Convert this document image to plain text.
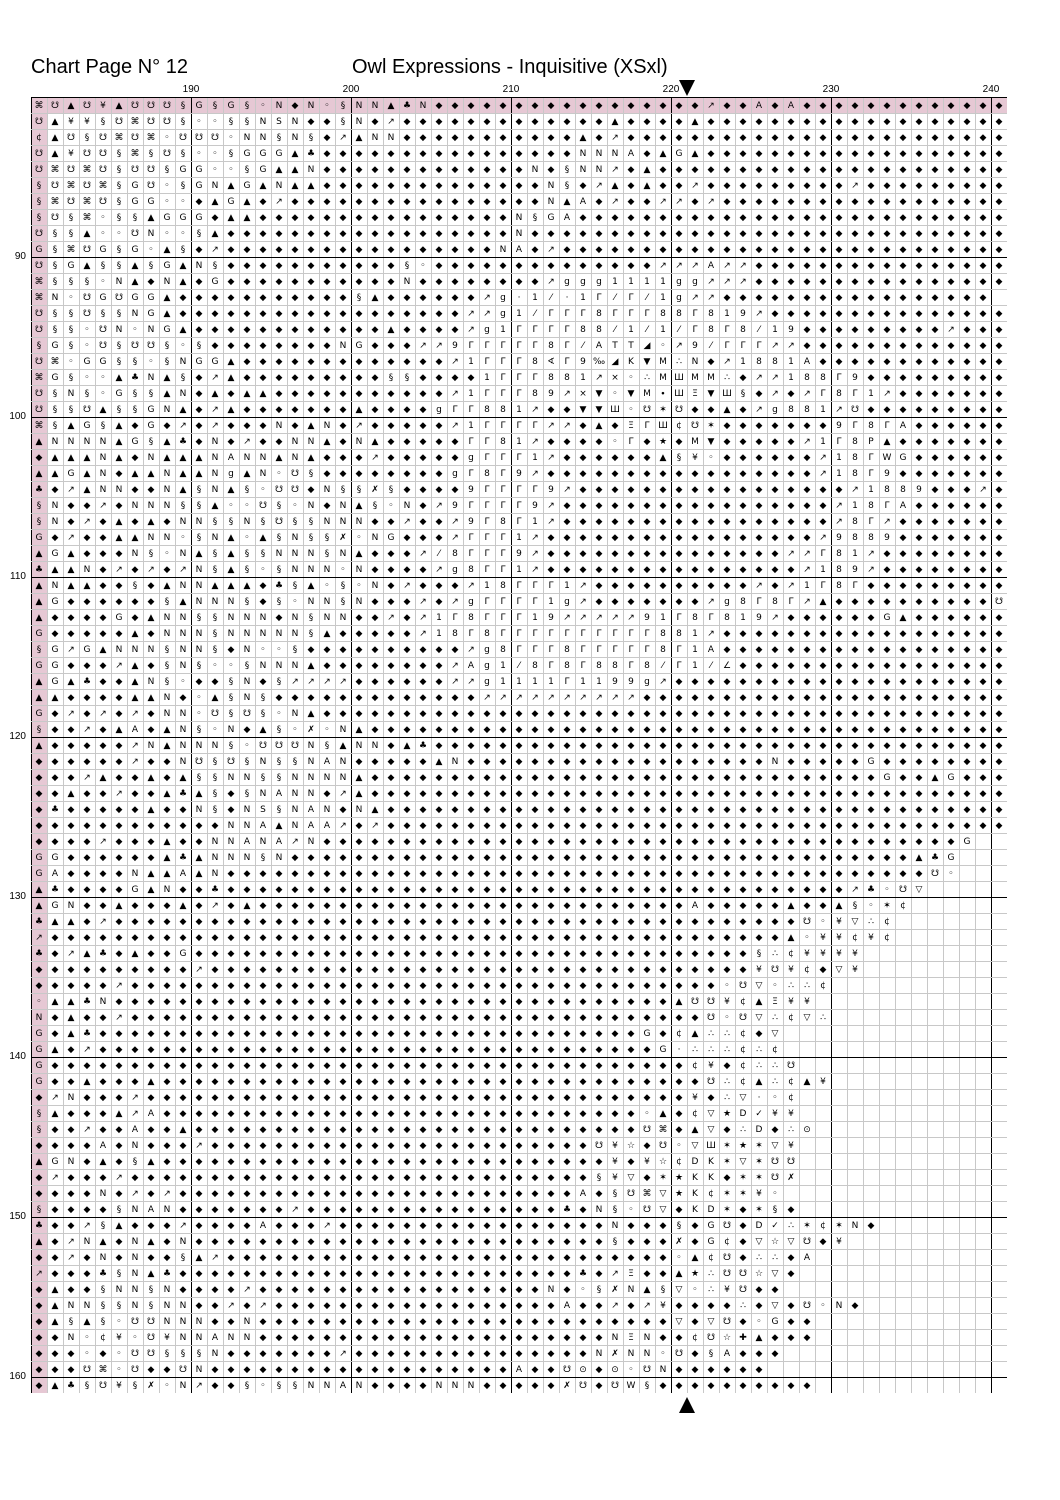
Chart Page N° 12	Owl Expressions - Inquisitive (XSxl)
190	200	210	220	230	240
90
100
110
120
130
140
150
160
⌘ ☋ ▲ ☋ ¥ ▲ ☋ ☋ ☋ § G § G § ◦ N ◆ N ◦ § N N ▲ ♣ N ◆ ◆ ◆ ◆ ◆ ◆ ◆ ◆ ◆ ◆ ◆ ◆ ◆ ◆ ◆ ◆ ◆ ↗ ◆ ◆ A ◆ A ◆ ◆ ◆ ◆ ◆ ◆ ◆ ◆ ◆ ◆ ◆ ◆ ◆
☋ ▲ ¥ ¥ § ☋ ⌘ ☋ ☋ § ◦ ◦ § § N S N ◆ ◆ § N ◆ ↗ ◆ ◆ ◆ ◆ ◆ ◆ ◆ ◆ ◆ ◆ ◆ ◆ ◆ ▲ ◆ ◆ ◆ ◆ ▲ ◆ ◆ ◆ ◆ ◆ ◆ ◆ ◆ ◆ ◆ ◆ ◆ ◆ ◆ ◆ ◆ ◆ ◆ ◆
¢ ▲ ☋ § ☋ ⌘ ☋ ⌘ ◦ ☋ ☋ ☋ ◦ N N § N § ◆ ↗ ▲ N N ◆ ◆ ◆ ◆ ◆ ◆ ◆ ◆ ◆ ◆ ◆ ▲ ◆ ↗ ◆ ◆ ◆ ◆ ◆ ◆ ◆ ◆ ◆ ◆ ◆ ◆ ◆ ◆ ◆ ◆ ◆ ◆ ◆ ◆ ◆ ◆ ◆ ◆
☋ ▲ ¥ ☋ ☋ § ⌘ § ☋ § ◦ ◦ § G G G ▲ ♣ ◆ ◆ ◆ ◆ ◆ ◆ ◆ ◆ ◆ ◆ ◆ ◆ ◆ ◆ ◆ ◆ N N N A ◆ ▲ G ▲ ◆ ◆ ◆ ◆ ◆ ◆ ◆ ◆ ◆ ◆ ◆ ◆ ◆ ◆ ◆ ◆ ◆ ◆ ◆
☋ ⌘ ☋ ⌘ ☋ § ☋ ☋ § G G ◦ ◦ § G ▲ ▲ N ◆ ◆ ◆ ◆ ◆ ◆ ◆ ◆ ◆ ◆ ◆ ◆ ◆ N ◆ § N N ↗ ◆ ▲ ◆ ◆ ◆ ◆ ◆ ◆ ◆ ◆ ◆ ◆ ◆ ◆ ◆ ◆ ◆ ◆ ◆ ◆ ◆ ◆ ◆ ◆
§ ☋ ⌘ ☋ ⌘ § G ☋ ◦ § G N ▲ G ▲ N ▲ ▲ ◆ ◆ ◆ ◆ ◆ ◆ ◆ ◆ ◆ ◆ ◆ ◆ ◆ ◆ N § ◆ ↗ ▲ ◆ ▲ ◆ ◆ ↗ ◆ ◆ ◆ ◆ ◆ ◆ ◆ ◆ ◆ ↗ ◆ ◆ ◆ ◆ ◆ ◆ ◆ ◆ ◆
§ ⌘ ☋ ⌘ ☋ § G G ◦ ◦ ◆ ▲ G ▲ ◆ ↗ ◆ ◆ ◆ ◆ ◆ ◆ ◆ ◆ ◆ ◆ ◆ ◆ ◆ ◆ ◆ ◆ N ▲ A ◆ ↗ ◆ ◆ ↗ ↗ ◆ ↗ ◆ ◆ ◆ ◆ ◆ ◆ ◆ ◆ ◆ ◆ ◆ ◆ ◆ ◆ ◆ ◆ ◆ ◆
§ ☋ § ⌘ ◦ § § ▲ G G G ◆ ▲ ▲ ◆ ◆ ◆ ◆ ◆ ◆ ◆ ◆ ◆ ◆ ◆ ◆ ◆ ◆ ◆ ◆ N § G A ◆ ◆ ◆ ◆ ◆ ◆ ◆ ◆ ◆ ◆ ◆ ◆ ◆ ◆ ◆ ◆ ◆ ◆ ◆ ◆ ◆ ◆ ◆ ◆ ◆ ◆ ◆
☋ § § ▲ ◦ ◦ ☋ N ◦ ◦ § ▲ ◆ ◆ ◆ ◆ ◆ ◆ ◆ ◆ ◆ ◆ ◆ ◆ ◆ ◆ ◆ ◆ ◆ ◆ N ◆ ◆ ◆ ◆ ◆ ◆ ◆ ◆ ◆ ◆ ◆ ◆ ◆ ◆ ◆ ◆ ◆ ◆ ◆ ◆ ◆ ◆ ◆ ◆ ◆ ◆ ◆ ◆ ◆ ◆
G § ⌘ ☋ G § G ◦ ▲ § ◆ ↗ ◆ ◆ ◆ ◆ ◆ ◆ ◆ ◆ ◆ ◆ ◆ ◆ ◆ ◆ ◆ ◆ ◆ N A ◆ ↗ ◆ ◆ ◆ ◆ ◆ ◆ ◆ ◆ ◆ ◆ ◆ ◆ ◆ ◆ ◆ ◆ ◆ ◆ ◆ ◆ ◆ ◆ ◆ ◆ ◆ ◆ ◆ ◆
☋ § G ▲ § § ▲ § G ▲ N § ◆ ◆ ◆ ◆ ◆ ◆ ◆ ◆ ◆ ◆ ◆ § ◦ ◆ ◆ ◆ ◆ ◆ ◆ ◆ ◆ ◆ ◆ ◆ ◆ ◆ ◆ ↗ ↗ ↗ A ↗ ↗ ◆ ◆ ◆ ◆ ◆ ◆ ◆ ◆ ◆ ◆ ◆ ◆ ◆ ◆ ◆ ◆
⌘ § § § ◦ N ▲ ◆ N ▲ ◆ G ◆ ◆ ◆ ◆ ◆ ◆ ◆ ◆ ◆ ◆ ◆ N ◆ ◆ ◆ ◆ ◆ ◆ ◆ ◆ ↗ g g g 1 1 1 1 g g ↗ ↗ ↗ ◆ ◆ ◆ ◆ ◆ ◆ ◆ ◆ ◆ ◆ ◆ ◆ ◆ ◆ ◆ ◆
⌘ N ◦ ☋ G ☋ G G ▲ ◆ ◆ ◆ ◆ ◆ ◆ ◆ ◆ ◆ ◆ ◆ § ▲ ◆ ◆ ◆ ◆ ◆ ◆ ↗ g · 1 ⁄ · 1 Γ ⁄ Γ ⁄ 1 g ↗ ↗ ◆ ◆ ◆ ◆ ◆ ◆ ◆ ◆ ◆ ◆ ◆ ◆ ◆ ◆ ◆ ◆ ◆
☋ § § ☋ § § N G ▲ ◆ ◆ ◆ ◆ ◆ ◆ ◆ ◆ ◆ ◆ ◆ ◆ ◆ ◆ ◆ ◆ ◆ ◆ ↗ ↗ g 1 ⁄ Γ Γ Γ 8 Γ Γ Γ 8 8 Γ 8 1 9 ↗ ◆ ◆ ◆ ◆ ◆ ◆ ◆ ◆ ◆ ◆ ◆ ◆ ◆ ◆ ◆
☋ § § ◦ ☋ N ◦ N G ▲ ◆ ◆ ◆ ◆ ◆ ◆ ◆ ◆ ◆ ◆ ◆ ◆ ▲ ◆ ◆ ◆ ◆ ↗ g 1 Γ Γ Γ Γ 8 8 ⁄ 1 ⁄ 1 ⁄ Γ 8 Γ 8 ⁄ 1 9 ◆ ◆ ◆ ◆ ◆ ◆ ◆ ◆ ◆ ↗ ◆ ◆ ◆
§ G § ◦ ☋ § ☋ ☋ § ◦ § ◆ ◆ ◆ ◆ ◆ ◆ ◆ ◆ N G ◆ ◆ ◆ ↗ ↗ 9 Γ Γ Γ Γ Γ 8 Γ ⁄ A T T ◢ ◦ ↗ 9 ⁄ Γ Γ Γ ↗ ↗ ◆ ◆ ◆ ◆ ◆ ◆ ◆ ◆ ◆ ◆ ◆ ◆ ◆
☋ ⌘ ◦ G G § § ◦ § N G G ▲ ◆ ◆ ◆ ◆ ◆ ◆ ◆ ◆ ◆ ◆ ◆ ◆ ◆ ↗ 1 Γ Γ Γ 8 ∢ Γ 9 ‰ ◢ K ▼ M ∴ N ◆ ↗ 1 8 8 1 A ◆ ◆ ◆ ◆ ◆ ◆ ◆ ◆ ◆ ◆ ◆ ◆
⌘ G § ◦ ◦ ▲ ♣ N ▲ § ◆ ↗ ▲ ◆ ◆ ◆ ◆ ◆ ◆ ◆ ◆ ◆ § § ◆ ◆ ◆ ◆ 1 Γ Γ Γ 8 8 1 ↗ × ◦ ∴ M Ш M M ∴ ◆ ↗ ↗ 1 8 8 Γ 9 ◆ ◆ ◆ ◆ ◆ ◆ ◆ ◆ ◆
☋ § N § ◦ G § § ▲ N ◆ ▲ ◆ ▲ ▲ ◆ ◆ ◆ ◆ ◆ ◆ ◆ ◆ ◆ ◆ ◆ ↗ 1 Γ Γ Γ 8 9 ↗ × ▼ ◦ ▼ M ∙ Ш Ξ ▼ Ш § ◆ ↗ ◆ ↗ Γ 8 Γ 1 ↗ ◆ ◆ ◆ ◆ ◆ ◆ ◆
☋ § § ☋ ▲ § § G N ▲ ◆ ↗ ▲ ◆ ◆ ◆ ◆ ◆ ◆ ◆ ▲ ◆ ◆ ◆ ◆ g Γ Γ 8 8 1 ↗ ◆ ◆ ▼ ▼ Ш ◦ ☋ ✶ ☋ ◆ ◆ ▲ ◆ ↗ g 8 8 1 ↗ ☋ ◆ ◆ ◆ ◆ ◆ ◆ ◆ ◆ ◆
⌘ § ▲ G § ▲ ◆ G ◆ ↗ ◆ ↗ ◆ ◆ ◆ N ◆ ▲ N ◆ ↗ ◆ ◆ ◆ ◆ ◆ ↗ 1 Γ Γ Γ Γ ↗ ↗ ◆ ▲ ◆ Ξ Γ Ш ¢ ☋ ✶ ◆ ◆ ◆ ◆ ◆ ◆ ◆ 9 Γ 8 Γ A ◆ ◆ ◆ ◆ ◆ ◆
▲ N N N N ▲ G § ▲ ♣ ◆ N ◆ ↗ ◆ ◆ N N ▲ ◆ N ▲ ◆ ◆ ◆ ◆ ◆ Γ Γ 8 1 ↗ ◆ ◆ ◆ ◆ ◦ Γ ◆ ★ ◆ M ▼ ◆ ◆ ◆ ◆ ◆ ↗ 1 Γ 8 P ▲ ◆ ◆ ◆ ◆ ◆ ◆ ◆
◆ ▲ ▲ ▲ N ▲ ◆ N ▲ ▲ ▲ N A N N ▲ N ▲ ◆ ◆ ◆ ↗ ◆ ◆ ◆ ◆ ◆ g Γ Γ Γ 1 ↗ ◆ ◆ ◆ ◆ ◆ ◆ ▲ § ¥ ◦ ◆ ◆ ◆ ◆ ◆ ◆ ↗ 1 8 Γ W G ◆ ◆ ◆ ◆ ◆ ◆
▲ ▲ G ▲ N ◆ ▲ ▲ N ▲ ▲ N g ▲ N ◦ ☋ § ◆ ◆ ◆ ◆ ◆ ◆ ◆ ◆ g Γ 8 Γ 9 ↗ ◆ ◆ ◆ ◆ ◆ ◆ ◆ ◆ ◆ ◆ ◆ ◆ ◆ ◆ ◆ ◆ ◆ ↗ 1 8 Γ 9 ◆ ◆ ◆ ◆ ◆ ◆ ◆
♣ ◆ ↗ ▲ N N ◆ ◆ N ▲ § N ▲ § ◦ ☋ ☋ ◆ N § § ✗ § ◆ ◆ ◆ ◆ 9 Γ Γ Γ Γ 9 ↗ ◆ ◆ ◆ ◆ ◆ ◆ ◆ ◆ ◆ ◆ ◆ ◆ ◆ ◆ ◆ ◆ ◆ ↗ 1 8 8 9 ◆ ◆ ◆ ↗ ◆
§ N ◆ ◆ ↗ ◆ N N N § § ▲ ◦ ◦ ☋ § ◦ N ◆ N ▲ § ◦ N ◆ ↗ 9 Γ Γ Γ Γ 9 ↗ ◆ ◆ ◆ ◆ ◆ ◆ ◆ ◆ ◆ ◆ ◆ ◆ ◆ ◆ ◆ ◆ ◆ ↗ 1 8 Γ A ◆ ◆ ◆ ◆ ◆ ◆
§ N ◆ ↗ ◆ ▲ ◆ ▲ ◆ N N § § N § ☋ § § N N N ◆ ◆ ↗ ◆ ◆ ↗ 9 Γ 8 Γ 1 ↗ ◆ ◆ ◆ ◆ ◆ ◆ ◆ ◆ ◆ ◆ ◆ ◆ ◆ ◆ ◆ ◆ ◆ ↗ 8 Γ ↗ ◆ ◆ ◆ ◆ ◆ ◆ ◆
G ◆ ↗ ◆ ◆ ▲ ▲ N N ◦ § N ▲ ◦ ▲ § N § § ✗ ◦ N G ◆ ◆ ◆ ↗ Γ Γ Γ 1 ↗ ◆ ◆ ◆ ◆ ◆ ◆ ◆ ◆ ◆ ◆ ◆ ◆ ◆ ◆ ◆ ◆ ◆ ↗ 9 8 8 9 ◆ ◆ ◆ ◆ ◆ ◆ ◆
▲ G ▲ ◆ ◆ ◆ N § ◦ N ▲ § ▲ § § N N N § N ▲ ◆ ◆ ◆ ↗ ⁄ 8 Γ Γ Γ 9 ↗ ◆ ◆ ◆ ◆ ◆ ◆ ◆ ◆ ◆ ◆ ◆ ◆ ◆ ◆ ◆ ↗ ↗ Γ 8 1 ↗ ◆ ◆ ◆ ◆ ◆ ◆ ◆ ◆
♣ ▲ ▲ N ◆ ↗ ◆ ↗ ◆ ↗ N § ▲ § ◦ § N N N ◦ N ◆ ◆ ◆ ◆ ↗ g 8 Γ Γ 1 ↗ ◆ ◆ ◆ ◆ ◆ ◆ ◆ ◆ ◆ ◆ ◆ ◆ ◆ ◆ ◆ ◆ ↗ 1 8 9 ↗ ◆ ◆ ◆ ◆ ◆ ◆ ◆ ◆
▲ N ▲ ▲ ◆ ◆ § ◆ ▲ N N ▲ ▲ ▲ ◆ ♣ § ▲ ◦ § ◦ N ◆ ↗ ◆ ◆ ◆ ↗ 1 8 Γ Γ Γ 1 ↗ ◆ ◆ ◆ ◆ ◆ ◆ ◆ ◆ ◆ ◆ ↗ ◆ ↗ 1 Γ 8 Γ ◆ ◆ ◆ ◆ ◆ ◆ ◆ ◆ ◆
▲ G ◆ ◆ ◆ ◆ ◆ ◆ § ▲ N N N § ◆ § ◦ N N § N ◆ ◆ ◆ ↗ ◆ ↗ g Γ Γ Γ Γ 1 g ↗ ◆ ◆ ◆ ◆ ◆ ◆ ◆ ↗ g 8 Γ 8 Γ ↗ ▲ ◆ ◆ ◆ ◆ ◆ ◆ ◆ ◆ ◆ ◆ ☋
▲ ◆ ◆ ◆ ◆ G ◆ ▲ N N § § N N N ◆ N § N N ◆ ◆ ↗ ◆ ↗ 1 Γ 8 Γ Γ Γ 1 9 ↗ ↗ ↗ ↗ ↗ 9 1 Γ 8 Γ 8 1 9 ↗ ◆ ◆ ◆ ◆ ◆ ◆ G ▲ ◆ ◆ ◆ ◆ ◆ ◆
G ◆ ◆ ◆ ◆ ◆ ▲ ◆ N N N § N N N N N § ▲ ◆ ◆ ◆ ◆ ◆ ↗ 1 8 Γ 8 Γ Γ Γ Γ Γ Γ Γ Γ Γ Γ 8 8 1 ↗ ◆ ◆ ◆ ◆ ◆ ◆ ◆ ◆ ◆ ◆ ◆ ◆ ◆ ◆ ◆ ◆ ◆ ◆
§ G ↗ G ▲ N N N § N N § ◆ N ◦ ◦ § ◆ ◆ ◆ ◆ ◆ ◆ ◆ ◆ ◆ ◆ ↗ g 8 Γ Γ Γ 8 Γ Γ Γ Γ Γ 8 Γ 1 A ◆ ◆ ◆ ◆ ◆ ◆ ◆ ◆ ◆ ◆ ◆ ◆ ◆ ◆ ◆ ◆ ◆ ◆
G G ◆ ◆ ◆ ↗ ▲ ◆ § N § ◦ ◦ § N N N ▲ ◆ ◆ ◆ ◆ ◆ ◆ ◆ ◆ ↗ A g 1 ⁄ 8 Γ 8 Γ 8 8 Γ 8 ⁄ Γ 1 ⁄ ∠ ◆ ◆ ◆ ◆ ◆ ◆ ◆ ◆ ◆ ◆ ◆ ◆ ◆ ◆ ◆ ◆ ◆
▲ G ▲ ♣ ◆ ◆ ▲ N § ◦ ◆ ◆ § N ◆ § ↗ ↗ ↗ ↗ ◆ ◆ ◆ ◆ ◆ ◆ ↗ ↗ g 1 1 1 1 Γ 1 1 9 9 g ↗ ◆ ◆ ◆ ◆ ◆ ◆ ◆ ◆ ◆ ◆ ◆ ◆ ◆ ◆ ◆ ◆ ◆ ◆ ◆ ◆ ◆
▲ ▲ ◆ ◆ ◆ ◆ ▲ ▲ N ◆ ◦ ▲ § N § ◆ ◆ ◆ ◆ ◆ ◆ ◆ ◆ ◆ ◆ ◆ ◆ ◆ ↗ ↗ ↗ ↗ ↗ ↗ ↗ ↗ ↗ ↗ ◆ ◆ ◆ ◆ ◆ ◆ ◆ ◆ ◆ ◆ ◆ ◆ ◆ ◆ ◆ ◆ ◆ ◆ ◆ ◆ ◆ ◆ ◆
G ◆ ↗ ◆ ↗ ◆ ↗ ◆ N N ◦ ☋ § ☋ § ◦ N ▲ ◆ ◆ ◆ ◆ ◆ ◆ ◆ ◆ ◆ ◆ ◆ ◆ ◆ ◆ ◆ ◆ ◆ ◆ ◆ ◆ ◆ ◆ ◆ ◆ ◆ ◆ ◆ ◆ ◆ ◆ ◆ ◆ ◆ ◆ ◆ ◆ ◆ ◆ ◆ ◆ ◆ ◆ ◆
§ ◆ ◆ ↗ ◆ ▲ A ◆ ▲ N § ◦ N ◆ ▲ § ◦ ✗ ◦ N ▲ ◆ ◆ ◆ ◆ ◆ ◆ ◆ ◆ ◆ ◆ ◆ ◆ ◆ ◆ ◆ ◆ ◆ ◆ ◆ ◆ ◆ ◆ ◆ ◆ ◆ ◆ ◆ ◆ ◆ ◆ ◆ ◆ ◆ ◆ ◆ ◆ ◆ ◆ ◆ ◆
▲ ◆ ◆ ◆ ◆ ◆ ↗ N ▲ N N N § ◦ ☋ ☋ ☋ N § ▲ N N ◆ ▲ ♣ ◆ ◆ ◆ ◆ ◆ ◆ ◆ ◆ ◆ ◆ ◆ ◆ ◆ ◆ ◆ ◆ ◆ ◆ ◆ ◆ ◆ ◆ ◆ ◆ ◆ ◆ ◆ ◆ ◆ ◆ ◆ ◆ ◆ ◆ ◆ ◆
◆ ◆ ◆ ◆ ◆ ◆ ↗ ◆ ◆ N ☋ § ☋ § N § § N A N ◆ ◆ ◆ ◆ ◆ ▲ N ◆ ◆ ◆ ◆ ◆ ◆ ◆ ◆ ◆ ◆ ◆ ◆ ◆ ◆ ◆ ◆ ◆ ◆ ◆ N ◆ ◆ ◆ ◆ ◆ G ◆ ◆ ◆ ◆ ◆ ◆ ◆ ◆
◆ ◆ ◆ ↗ ▲ ◆ ◆ ▲ ◆ ▲ § § N N § § N N N N ▲ ◆ ◆ ◆ ◆ ◆ ◆ ◆ ◆ ◆ ◆ ◆ ◆ ◆ ◆ ◆ ◆ ◆ ◆ ◆ ◆ ◆ ◆ ◆ ◆ ◆ ◆ ◆ ◆ ◆ ◆ ◆ ◆ G ◆ ◆ ▲ G ◆ ◆ ◆
◆ ◆ ▲ ◆ ◆ ↗ ◆ ◆ ▲ ♣ ▲ § ◆ § N A N N ◆ ↗ ▲ ◆ ◆ ◆ ◆ ◆ ◆ ◆ ◆ ◆ ◆ ◆ ◆ ◆ ◆ ◆ ◆ ◆ ◆ ◆ ◆ ◆ ◆ ◆ ◆ ◆ ◆ ◆ ◆ ◆ ◆ ◆ ◆ ◆ ◆ ◆ ◆ ◆ ◆ ◆ ◆
◆ ♣ ◆ ◆ ◆ ◆ ◆ ▲ ◆ ◆ N § ◆ N S § N A N ◆ N ▲ ◆ ◆ ◆ ◆ ◆ ◆ ◆ ◆ ◆ ◆ ◆ ◆ ◆ ◆ ◆ ◆ ◆ ◆ ◆ ◆ ◆ ◆ ◆ ◆ ◆ ◆ ◆ ◆ ◆ ◆ ◆ ◆ ◆ ◆ ◆ ◆ ◆ ◆ ◆
◆ ◆ ◆ ◆ ◆ ◆ ◆ ◆ ◆ ◆ ◆ ◆ N N A ▲ N A A ↗ ◆ ↗ ◆ ◆ ◆ ◆ ◆ ◆ ◆ ◆ ◆ ◆ ◆ ◆ ◆ ◆ ◆ ◆ ◆ ◆ ◆ ◆ ◆ ◆ ◆ ◆ ◆ ◆ ◆ ◆ ◆ ◆ ◆ ◆ ◆ ◆ ◆ ◆ ◆ ◆ ◆
◆ ◆ ◆ ◆ ↗ ◆ ◆ ◆ ▲ ◆ ◆ N N A N A ↗ N ◆ ◆ ◆ ◆ ◆ ◆ ◆ ◆ ◆ ◆ ◆ ◆ ◆ ◆ ◆ ◆ ◆ ◆ ◆ ◆ ◆ ◆ ◆ ◆ ◆ ◆ ◆ ◆ ◆ ◆ ◆ ◆ ◆ ◆ ◆ ◆ ◆ ◆ ◆ ◆ G
G G ◆ ◆ ◆ ◆ ◆ ◆ ▲ ♣ ▲ N N N § N ◆ ◆ ◆ ◆ ◆ ◆ ◆ ◆ ◆ ◆ ◆ ◆ ◆ ◆ ◆ ◆ ◆ ◆ ◆ ◆ ◆ ◆ ◆ ◆ ◆ ◆ ◆ ◆ ◆ ◆ ◆ ◆ ◆ ◆ ◆ ◆ ◆ ◆ ◆ ▲ ♣ G
G A ◆ ◆ ◆ ◆ N ▲ ▲ A ▲ N ◆ ◆ ◆ ◆ ◆ ◆ ◆ ◆ ◆ ◆ ◆ ◆ ◆ ◆ ◆ ◆ ◆ ◆ ◆ ◆ ◆ ◆ ◆ ◆ ◆ ◆ ◆ ◆ ◆ ◆ ◆ ◆ ◆ ◆ ◆ ◆ ◆ ◆ ◆ ◆ ◆ ◆ ◆ ◆ ☋ ◦
▲ ♣ ◆ ◆ ◆ ◆ G ▲ N ◆ ◆ ♣ ◆ ◆ ◆ ◆ ◆ ◆ ◆ ◆ ◆ ◆ ◆ ◆ ◆ ◆ ◆ ◆ ◆ ◆ ◆ ◆ ◆ ◆ ◆ ◆ ◆ ◆ ◆ ◆ ◆ ◆ ◆ ◆ ◆ ◆ ◆ ◆ ◆ ◆ ◆ ↗ ♣ ◦ ☋ ▽
▲ G N ◆ ◆ ▲ ◆ ◆ ◆ ▲ ◆ ↗ ◆ ▲ ◆ ◆ ◆ ◆ ◆ ◆ ◆ ◆ ◆ ◆ ◆ ◆ ◆ ◆ ◆ ◆ ◆ ◆ ◆ ◆ ◆ ◆ ◆ ◆ ◆ ◆ ◆ A ◆ ◆ ◆ ◆ ◆ ▲ ◆ ◆ ▲ § ◦ ✶ ¢
♣ ▲ ▲ ◆ ↗ ◆ ◆ ◆ ◆ ◆ ◆ ◆ ◆ ◆ ◆ ◆ ◆ ◆ ◆ ◆ ◆ ◆ ◆ ◆ ◆ ◆ ◆ ◆ ◆ ◆ ◆ ◆ ◆ ◆ ◆ ◆ ◆ ◆ ◆ ◆ ◆ ◆ ◆ ◆ ◆ ◆ ◆ ◆ ☋ ◦ ¥ ▽ ∴ ¢
↗ ◆ ◆ ◆ ◆ ◆ ◆ ◆ ◆ ◆ ◆ ◆ ◆ ◆ ◆ ◆ ◆ ◆ ◆ ◆ ◆ ◆ ◆ ◆ ◆ ◆ ◆ ◆ ◆ ◆ ◆ ◆ ◆ ◆ ◆ ◆ ◆ ◆ ◆ ◆ ◆ ◆ ◆ ◆ ◆ ◆ ◆ ▲ ◦ ¥ ¥ ¢ ¥ ¢
♣ ◆ ↗ ▲ ♣ ◆ ▲ ◆ ◆ G ◆ ◆ ◆ ◆ ◆ ◆ ◆ ◆ ◆ ◆ ◆ ◆ ◆ ◆ ◆ ◆ ◆ ◆ ◆ ◆ ◆ ◆ ◆ ◆ ◆ ◆ ◆ ◆ ◆ ◆ ◆ ◆ ◆ ◆ ◆ § ∴ ¢ ¥ ¥ ¥ ¥
◆ ◆ ◆ ◆ ◆ ◆ ◆ ◆ ◆ ◆ ↗ ◆ ◆ ◆ ◆ ◆ ◆ ◆ ◆ ◆ ◆ ◆ ◆ ◆ ◆ ◆ ◆ ◆ ◆ ◆ ◆ ◆ ◆ ◆ ◆ ◆ ◆ ◆ ◆ ◆ ◆ ◆ ◆ ◆ ◆ ¥ ☋ ¥ ¢ ◆ ▽ ¥
◆ ◆ ◆ ◆ ◆ ↗ ◆ ◆ ◆ ◆ ◆ ◆ ◆ ◆ ◆ ◆ ◆ ◆ ◆ ◆ ◆ ◆ ◆ ◆ ◆ ◆ ◆ ◆ ◆ ◆ ◆ ◆ ◆ ◆ ◆ ◆ ◆ ◆ ◆ ◆ ◆ ◆ ◆ ◦ ☋ ▽ ◦ ∴ ∴ ¢
◦ ▲ ▲ ♣ N ◆ ◆ ◆ ◆ ◆ ◆ ◆ ◆ ◆ ◆ ◆ ◆ ◆ ◆ ◆ ◆ ◆ ◆ ◆ ◆ ◆ ◆ ◆ ◆ ◆ ◆ ◆ ◆ ◆ ◆ ◆ ◆ ◆ ◆ ◆ ▲ ☋ ☋ ¥ ¢ ▲ Ξ ¥ ¥
N ◆ ▲ ◆ ◆ ↗ ◆ ◆ ◆ ◆ ◆ ◆ ◆ ◆ ◆ ◆ ◆ ◆ ◆ ◆ ◆ ◆ ◆ ◆ ◆ ◆ ◆ ◆ ◆ ◆ ◆ ◆ ◆ ◆ ◆ ◆ ◆ ◆ ◆ ◆ ◆ ◆ ☋ ◦ ☋ ▽ ∴ ¢ ▽ ∴
G ◆ ▲ ♣ ◆ ◆ ◆ ◆ ◆ ◆ ◆ ◆ ◆ ◆ ◆ ◆ ◆ ◆ ◆ ◆ ◆ ◆ ◆ ◆ ◆ ◆ ◆ ◆ ◆ ◆ ◆ ◆ ◆ ◆ ◆ ◆ ◆ ◆ G ◆ ¢ ▲ ∴ ∴ ¢ ◆ ▽
G ▲ ◆ ↗ ◆ ◆ ◆ ◆ ◆ ◆ ◆ ◆ ◆ ◆ ◆ ◆ ◆ ◆ ◆ ◆ ◆ ◆ ◆ ◆ ◆ ◆ ◆ ◆ ◆ ◆ ◆ ◆ ◆ ◆ ◆ ◆ ◆ ◆ ◆ G · ∴ ∴ ∴ ¢ ∴ ¢
G ◆ ◆ ◆ ◆ ◆ ◆ ◆ ◆ ◆ ◆ ◆ ◆ ◆ ◆ ◆ ◆ ◆ ◆ ◆ ◆ ◆ ◆ ◆ ◆ ◆ ◆ ◆ ◆ ◆ ◆ ◆ ◆ ◆ ◆ ◆ ◆ ◆ ◆ ◆ ◆ ¢ ¥ ◆ ¢ ∴ ∴ ☋
G ◆ ◆ ▲ ◆ ◆ ◆ ▲ ◆ ◆ ◆ ◆ ◆ ◆ ◆ ◆ ◆ ◆ ◆ ◆ ◆ ◆ ◆ ◆ ◆ ◆ ◆ ◆ ◆ ◆ ◆ ◆ ◆ ◆ ◆ ◆ ◆ ◆ ◆ ◆ ◆ ◆ ☋ ∴ ¢ ▲ ∴ ¢ ▲ ¥
◆ ↗ N ◆ ◆ ◆ ↗ ◆ ◆ ◆ ◆ ◆ ◆ ◆ ◆ ◆ ◆ ◆ ◆ ◆ ◆ ◆ ◆ ◆ ◆ ◆ ◆ ◆ ◆ ◆ ◆ ◆ ◆ ◆ ◆ ◆ ◆ ◆ ◆ ◆ ◆ ¥ ◆ ∴ ▽ · ◦ ¢
§ ▲ ◆ ◆ ◆ ▲ ↗ A ◆ ◆ ◆ ◆ ◆ ◆ ◆ ◆ ◆ ◆ ◆ ◆ ◆ ◆ ◆ ◆ ◆ ◆ ◆ ◆ ◆ ◆ ◆ ◆ ◆ ◆ ◆ ◆ ◆ ◆ ◦ ▲ ◆ ¢ ▽ ★ D ✓ ¥ ¥
§ ◆ ◆ ↗ ◆ ◆ A ◆ ◆ ▲ ◆ ◆ ◆ ◆ ◆ ◆ ◆ ◆ ◆ ◆ ◆ ◆ ◆ ◆ ◆ ◆ ◆ ◆ ◆ ◆ ◆ ◆ ◆ ◆ ◆ ◆ ◆ ◆ ☋ ⌘ ◆ ▲ ▽ ◆ ∴ D ◆ ∴ ⊙
◆ ◆ ◆ ◆ A ◆ N ◆ ◆ ◆ ↗ ◆ ◆ ◆ ◆ ◆ ◆ ◆ ◆ ◆ ◆ ◆ ◆ ◆ ◆ ◆ ◆ ◆ ◆ ◆ ◆ ◆ ◆ ◆ ◆ ☋ ¥ ☆ ◆ ☋ ◦ ▽ Ш ✶ ★ ✶ ▽ ¥
▲ G N ◆ ▲ ◆ § ▲ ◆ ◆ ◆ ◆ ◆ ◆ ◆ ◆ ◆ ◆ ◆ ◆ ◆ ◆ ◆ ◆ ◆ ◆ ◆ ◆ ◆ ◆ ◆ ◆ ◆ ◆ ◆ ◆ ¥ ◆ ¥ ☆ ¢ D K ✶ ▽ ✶ ☋ ☋
◆ ↗ ◆ ◆ ◆ ↗ ◆ ◆ ◆ ◆ ◆ ◆ ◆ ◆ ◆ ◆ ◆ ◆ ◆ ◆ ◆ ◆ ◆ ◆ ◆ ◆ ◆ ◆ ◆ ◆ ◆ ◆ ◆ ◆ ◆ § ¥ ▽ ◆ ✶ ★ K K ◆ ✶ ✶ ☋ ✗
◆ ◆ ◆ ◆ N ◆ ↗ ◆ ↗ ◆ ◆ ◆ ◆ ◆ ◆ ◆ ◆ ◆ ◆ ◆ ◆ ◆ ◆ ◆ ◆ ◆ ◆ ◆ ◆ ◆ ◆ ◆ ◆ ◆ A ◆ § ☋ ⌘ ▽ ★ K ¢ ✶ ✶ ¥ ◦
§ ◆ ◆ ◆ ◆ § N A N ◆ ◆ ◆ ◆ ◆ ◆ ◆ ↗ ◆ ◆ ◆ ◆ ◆ ◆ ◆ ◆ ◆ ◆ ◆ ◆ ◆ ◆ ◆ ◆ ♣ ◆ N § ◦ ☋ ▽ ◆ K D ✶ ◆ ✶ § ◆
♣ ◆ ◆ ↗ § ▲ ◆ ◆ ◆ ↗ ◆ ◆ ◆ ◆ A ◆ ◆ ◆ ↗ ◆ ◆ ◆ ◆ ◆ ◆ ◆ ◆ ◆ ◆ ◆ ◆ ◆ ◆ ◆ ◆ ◆ N ◆ ◆ ◆ § ◆ G ☋ ◆ D ✓ ∴ ✶ ¢ ✶ N ◆
▲ ◆ ↗ N ▲ ◆ N ▲ ◆ N ◆ ◆ ◆ ◆ ◆ ◆ ◆ ◆ ◆ ◆ ◆ ◆ ◆ ◆ ◆ ◆ ◆ ◆ ◆ ◆ ◆ ◆ ◆ ◆ ◆ ◆ § ◆ ◆ ◆ ✗ ◆ G ¢ ◆ ▽ ☆ ▽ ☋ ◆ ¥
◆ ◆ ↗ ◆ N ◆ N ◆ ◆ § ▲ ↗ ◆ ◆ ◆ ◆ ◆ ◆ ◆ ◆ ◆ ◆ ◆ ◆ ◆ ◆ ◆ ◆ ◆ ◆ ◆ ◆ ◆ ◆ ◆ ◆ ◆ ◆ ◆ ◆ ◦ ▲ ¢ ☋ ◆ ∴ ∴ ◆ A
↗ ◆ ◆ ◆ ♣ § N ▲ ♣ ◆ ◆ ◆ ◆ ◆ ◆ ◆ ◆ ◆ ◆ ◆ ◆ ◆ ◆ ◆ ◆ ◆ ◆ ◆ ◆ ◆ ◆ ◆ ◆ ◆ ♣ ◆ ↗ Ξ ◆ ◆ ▲ ★ ∴ ☋ ☋ ☆ ▽ ◆
◆ ▲ ◆ ◆ § N N § N ◆ ◆ ◆ ◆ ↗ ◆ ◆ ◆ ◆ ◆ ◆ ◆ ◆ ◆ ◆ ◆ ◆ ◆ ◆ ◆ ◆ ◆ ◆ N ◆ ◦ § ✗ N ▲ § ▽ ◦ ∴ ¥ ☋ ◆ ◆
◆ ▲ N N § § N § N N ◆ ◆ ↗ ◆ ↗ ◆ ◆ ◆ ◆ ◆ ◆ ◆ ◆ ◆ ◆ ◆ ◆ ◆ ◆ ◆ ◆ ◆ ◆ A ◆ ◆ ↗ ◆ ↗ ¥ ◆ ◆ ◆ ◆ ∴ ◆ ▽ ◆ ☋ ◦ N ◆
◆ ▲ § ▲ § ◦ ☋ ☋ N N N ◆ ◆ N ◆ ◆ ◆ ◆ ◆ ◆ ◆ ◆ ◆ ◆ ◆ ◆ ◆ ◆ ◆ ◆ ◆ ◆ ◆ ◆ ◆ ◆ ◆ ◆ ◆ ◆ ▽ ◆ ▽ ☋ ◆ ◦ G ◆ ◆
◆ ◆ N ◦ ¢ ¥ ◦ ☋ ¥ N N A N N ◆ ◆ ◆ ◆ ◆ ◆ ◆ ◆ ◆ ◆ ◆ ◆ ◆ ◆ ◆ ◆ ◆ ◆ ◆ ◆ ◆ ◆ N Ξ N ◆ ◆ ¢ ☋ ☆ ✚ ▲ ◆ ◆ ◆
◆ ◆ ◆ ◦ ◆ ◦ ☋ ☋ § § § N ◆ ◆ ◆ ◆ ◆ ◆ ◆ ↗ ◆ ◆ ◆ ◆ ◆ ◆ ◆ ◆ ◆ ◆ ◆ ◆ ◆ ◆ ◆ N ✗ N N ◦ ☋ ◆ § A ◆ ◆ ◆
◆ ◆ ◆ ☋ ⌘ ◦ ☋ ◆ ◆ ☋ N ◆ ◆ ◆ ◆ ◆ ◆ ◆ ◆ ◆ ◆ ◆ ◆ ◆ ◆ ◆ ◆ ◆ ◆ ◆ A ◆ ◆ ☋ ⊙ ◆ ⊙ ◦ ☋ N ◆ ◆ ◆ ◆ ◆ ◆
◆ ▲ ♣ § ☋ ¥ § ✗ ◦ N ↗ ◆ ◆ § ◦ § § N N A N ◆ ◆ ◆ ◆ N N N ◆ ◆ ◆ ◆ ◆ ✗ ☋ ◆ ☋ W § ◆ ◆ ◆ ◆ ◆ ◆ ◆ ◆ ◆ ◆
